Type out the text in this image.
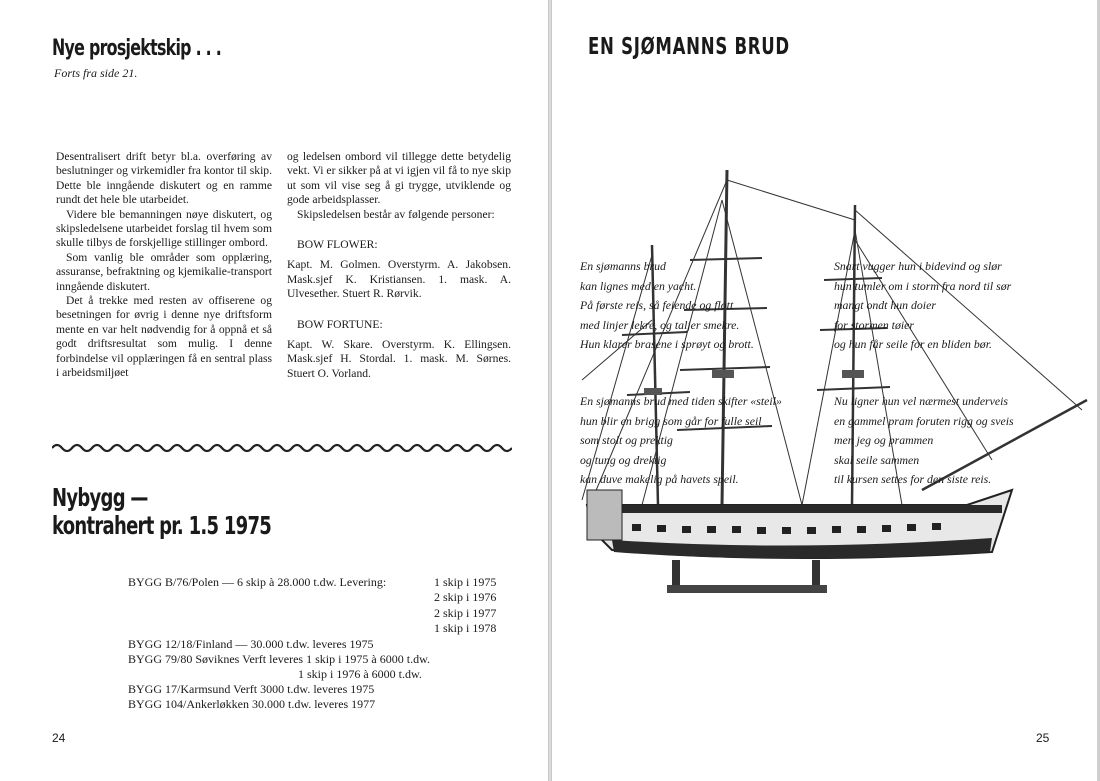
Nye prosjektskip . . .
Forts fra side 21.

Desentralisert drift betyr bl.a. overføring av beslutninger og virkemidler fra kontor til skip. Dette ble inngående diskutert og en ramme rundt det hele ble utarbeidet.

Videre ble bemanningen nøye diskutert, og skipsledelsene utarbeidet forslag til hvem som skulle tilbys de forskjellige stillinger ombord.

Som vanlig ble områder som opplæring, assuranse, befraktning og kjemikalie-transport inngående diskutert.

Det å trekke med resten av offiserene og besetningen for øvrig i denne nye driftsform mente en var helt nødvendig for å oppnå et så godt driftsresultat som mulig. I denne forbindelse vil opplæringen få en sentral plass i arbeidsmiljøet

og ledelsen ombord vil tillegge dette betydelig vekt. Vi er sikker på at vi igjen vil få to nye skip ut som vil vise seg å gi trygge, utviklende og gode arbeidsplasser.

Skipsledelsen består av følgende personer:

BOW FLOWER:

Kapt. M. Golmen. Overstyrm. A. Jakobsen. Mask.sjef K. Kristiansen. 1. mask. A. Ulvesether. Stuert R. Rørvik.

BOW FORTUNE:

Kapt. W. Skare. Overstyrm. K. Ellingsen. Mask.sjef H. Stordal. 1. mask. M. Sørnes. Stuert O. Vorland.

Nybygg —
kontrahert pr. 1.5 1975
BYGG B/76/Polen — 6 skip à 28.000 t.dw. Levering:	1 skip i 1975
2 skip i 1976
2 skip i 1977
1 skip i 1978
BYGG 12/18/Finland — 30.000 t.dw. leveres 1975
BYGG 79/80 Søviknes Verft leveres 1 skip i 1975 à 6000 t.dw.
1 skip i 1976 à 6000 t.dw.
BYGG 17/Karmsund Verft 3000 t.dw. leveres 1975
BYGG 104/Ankerløkken 30.000 t.dw. leveres 1977
24
EN SJØMANNS BRUD

En sjømanns brud

kan lignes med en yacht.

På første reis, så feiende og flott

med linjer lekre, og taljer smekre.

Hun klarer brasene i sprøyt og brott.

En sjømanns brud med tiden skifter «steil»

hun blir en brigg som går for fulle seil

som stolt og prektig

og tung og drektig

kan duve makelig på havets speil.

Snart vugger hun i bidevind og slør

hun tumler om i storm fra nord til sør

mangt ondt hun doier

for stormen tøier

og hun får seile for en bliden bør.

Nu ligner hun vel nærmest underveis

en gammel pram foruten rigg og sveis

men jeg og prammen

skal seile sammen

til kursen settes for den siste reis.

25
